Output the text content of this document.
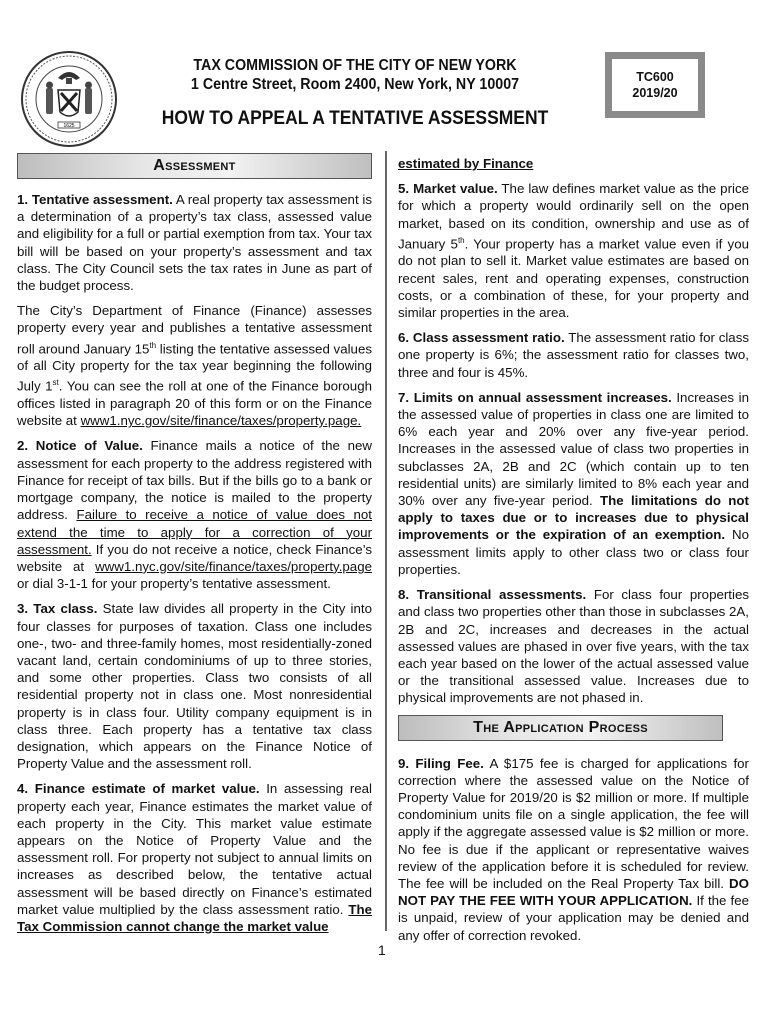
1625
TAX COMMISSION OF THE CITY OF NEW YORK
1 Centre Street, Room 2400, New York, NY 10007
HOW TO APPEAL A TENTATIVE ASSESSMENT
TC600
2019/20
Assessment

1. Tentative assessment. A real property tax assessment is a determination of a property’s tax class, assessed value and eligibility for a full or partial exemption from tax. Your tax bill will be based on your property’s assessment and tax class. The City Council sets the tax rates in June as part of the budget process.

The City’s Department of Finance (Finance) assesses property every year and publishes a tentative assessment roll around January 15th listing the tentative assessed values of all City property for the tax year beginning the following July 1st. You can see the roll at one of the Finance borough offices listed in paragraph 20 of this form or on the Finance website at www1.nyc.gov/site/finance/taxes/property.page.

2. Notice of Value. Finance mails a notice of the new assessment for each property to the address registered with Finance for receipt of tax bills. But if the bills go to a bank or mortgage company, the notice is mailed to the property address. Failure to receive a notice of value does not extend the time to apply for a correction of your assessment. If you do not receive a notice, check Finance’s website at www1.nyc.gov/site/finance/taxes/property.page or dial 3-1-1 for your property’s tentative assessment.

3. Tax class. State law divides all property in the City into four classes for purposes of taxation. Class one includes one-, two- and three-family homes, most residentially-zoned vacant land, certain condominiums of up to three stories, and some other properties. Class two consists of all residential property not in class one. Most nonresidential property is in class four. Utility company equipment is in class three. Each property has a tentative tax class designation, which appears on the Finance Notice of Property Value and the assessment roll.

4. Finance estimate of market value. In assessing real property each year, Finance estimates the market value of each property in the City. This market value estimate appears on the Notice of Property Value and the assessment roll. For property not subject to annual limits on increases as described below, the tentative actual assessment will be based directly on Finance’s estimated market value multiplied by the class assessment ratio. The Tax Commission cannot change the market value

estimated by Finance

5. Market value. The law defines market value as the price for which a property would ordinarily sell on the open market, based on its condition, ownership and use as of January 5th. Your property has a market value even if you do not plan to sell it. Market value estimates are based on recent sales, rent and operating expenses, construction costs, or a combination of these, for your property and similar properties in the area.

6. Class assessment ratio. The assessment ratio for class one property is 6%; the assessment ratio for classes two, three and four is 45%.

7. Limits on annual assessment increases. Increases in the assessed value of properties in class one are limited to 6% each year and 20% over any five-year period. Increases in the assessed value of class two properties in subclasses 2A, 2B and 2C (which contain up to ten residential units) are similarly limited to 8% each year and 30% over any five-year period. The limitations do not apply to taxes due or to increases due to physical improvements or the expiration of an exemption. No assessment limits apply to other class two or class four properties.

8. Transitional assessments. For class four properties and class two properties other than those in subclasses 2A, 2B and 2C, increases and decreases in the actual assessed values are phased in over five years, with the tax each year based on the lower of the actual assessed value or the transitional assessed value. Increases due to physical improvements are not phased in.

The Application Process

9. Filing Fee. A $175 fee is charged for applications for correction where the assessed value on the Notice of Property Value for 2019/20 is $2 million or more. If multiple condominium units file on a single application, the fee will apply if the aggregate assessed value is $2 million or more. No fee is due if the applicant or representative waives review of the application before it is scheduled for review. The fee will be included on the Real Property Tax bill. DO NOT PAY THE FEE WITH YOUR APPLICATION. If the fee is unpaid, review of your application may be denied and any offer of correction revoked.

1
